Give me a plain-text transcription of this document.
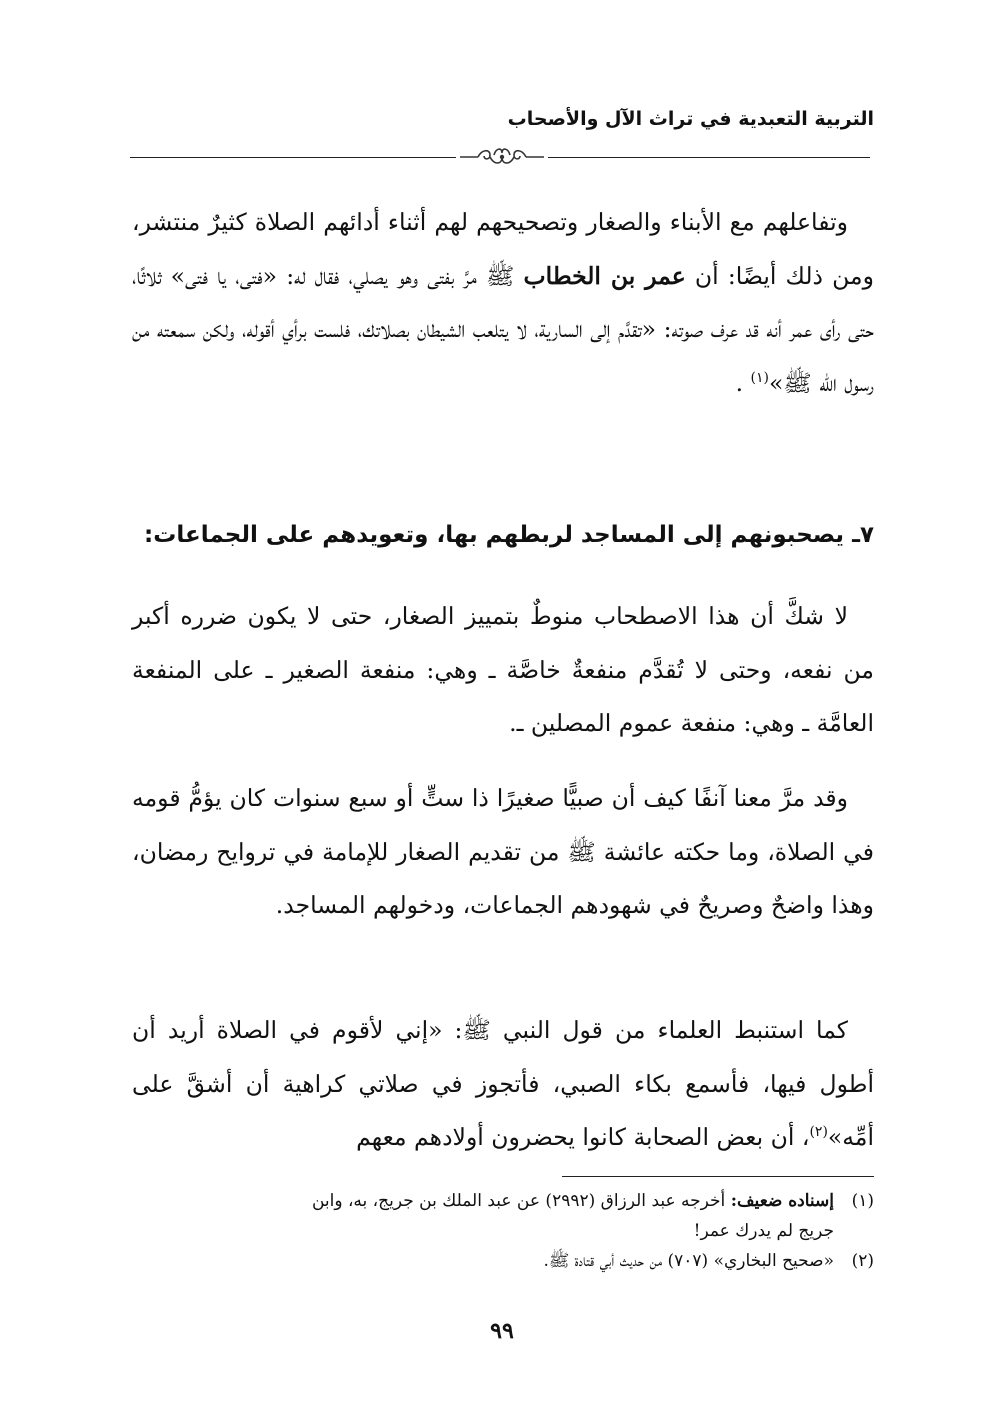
التربية التعبدية في تراث الآل والأصحاب
وتفاعلهم مع الأبناء والصغار وتصحيحهم لهم أثناء أدائهم الصلاة كثيرٌ منتشر، ومن ذلك أيضًا: أن عمر بن الخطاب ﷺ مرَّ بفتى وهو يصلي، فقال له: «فتى، يا فتى» ثلاثًا، حتى رأى عمر أنه قد عرف صوته: «تقدَّم إلى السارية، لا يتلعب الشيطان بصلاتك، فلست برأي أقوله، ولكن سمعته من رسول الله ﷺ»$^{(١)}$ .
٧ـ يصحبونهم إلى المساجد لربطهم بها، وتعويدهم على الجماعات:
لا شكَّ أن هذا الاصطحاب منوطٌ بتمييز الصغار، حتى لا يكون ضرره أكبر من نفعه، وحتى لا تُقدَّم منفعةٌ خاصَّة ـ وهي: منفعة الصغير ـ على المنفعة العامَّة ـ وهي: منفعة عموم المصلين ـ.
وقد مرَّ معنا آنفًا كيف أن صبيًّا صغيرًا ذا ستٍّ أو سبع سنوات كان يؤمُّ قومه في الصلاة، وما حكته عائشة ﷺ من تقديم الصغار للإمامة في تروايح رمضان، وهذا واضحٌ وصريحٌ في شهودهم الجماعات، ودخولهم المساجد.
كما استنبط العلماء من قول النبي ﷺ: «إني لأقوم في الصلاة أريد أن أطول فيها، فأسمع بكاء الصبي، فأتجوز في صلاتي كراهية أن أشقَّ على أمِّه»$^{(٢)}$، أن بعض الصحابة كانوا يحضرون أولادهم معهم

(١)إسناده ضعيف: أخرجه عبد الرزاق (٢٩٩٢) عن عبد الملك بن جريج، به، وابن

جريج لم يدرك عمر!

(٢)«صحيح البخاري» (٧٠٧) من حديث أبي قتادة ﷺ.

٩٩
